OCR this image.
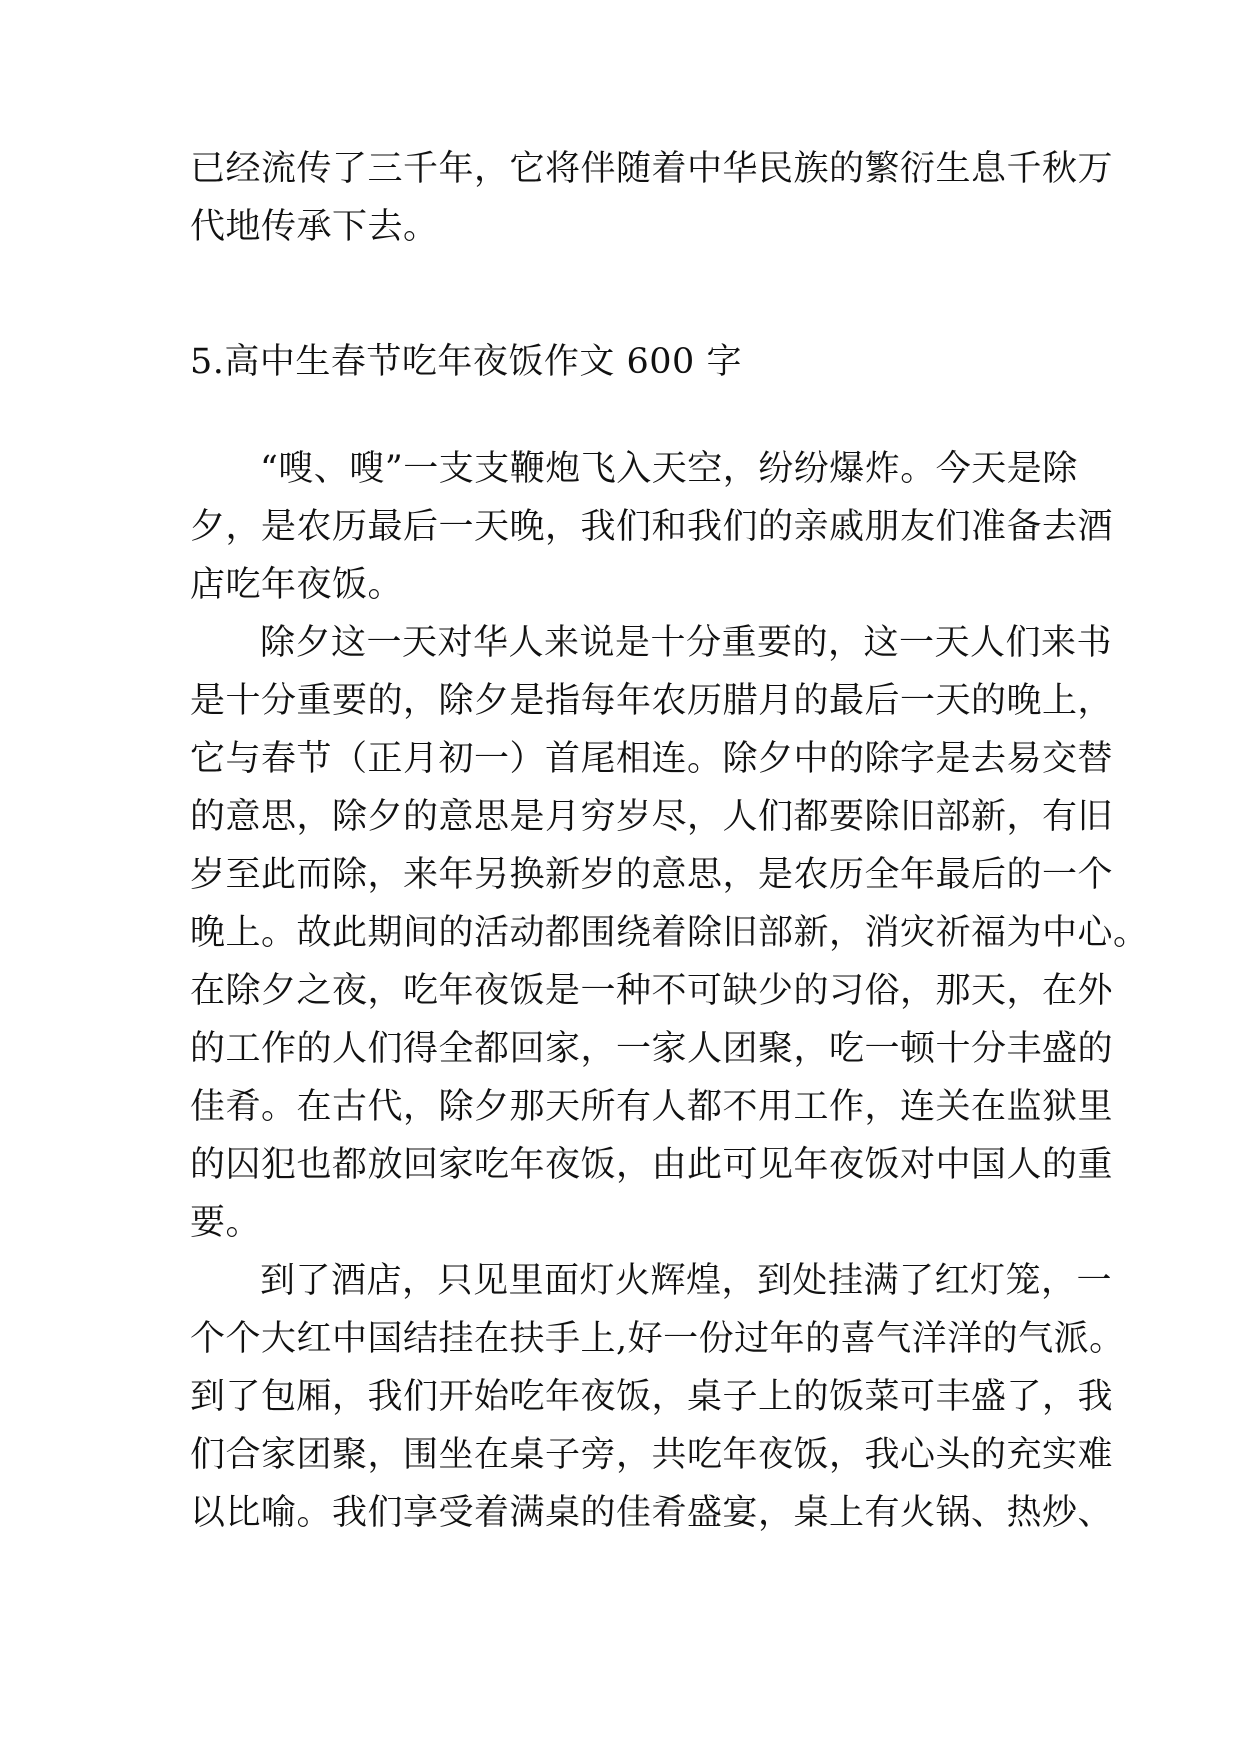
已经流传了三千年，它将伴随着中华民族的繁衍生息千秋万
代地传承下去。
5.高中生春节吃年夜饭作文 600 字
“嗖、嗖”一支支鞭炮飞入天空，纷纷爆炸。今天是除
夕，是农历最后一天晚，我们和我们的亲戚朋友们准备去酒
店吃年夜饭。
除夕这一天对华人来说是十分重要的，这一天人们来书
是十分重要的，除夕是指每年农历腊月的最后一天的晚上，
它与春节（正月初一）首尾相连。除夕中的除字是去易交替
的意思，除夕的意思是月穷岁尽，人们都要除旧部新，有旧
岁至此而除，来年另换新岁的意思，是农历全年最后的一个
晚上。故此期间的活动都围绕着除旧部新，消灾祈福为中心。
在除夕之夜，吃年夜饭是一种不可缺少的习俗，那天，在外
的工作的人们得全都回家，一家人团聚，吃一顿十分丰盛的
佳肴。在古代，除夕那天所有人都不用工作，连关在监狱里
的囚犯也都放回家吃年夜饭，由此可见年夜饭对中国人的重
要。
到了酒店，只见里面灯火辉煌，到处挂满了红灯笼，一
个个大红中国结挂在扶手上,好一份过年的喜气洋洋的气派。
到了包厢，我们开始吃年夜饭，桌子上的饭菜可丰盛了，我
们合家团聚，围坐在桌子旁，共吃年夜饭，我心头的充实难
以比喻。我们享受着满桌的佳肴盛宴，桌上有火锅、热炒、
